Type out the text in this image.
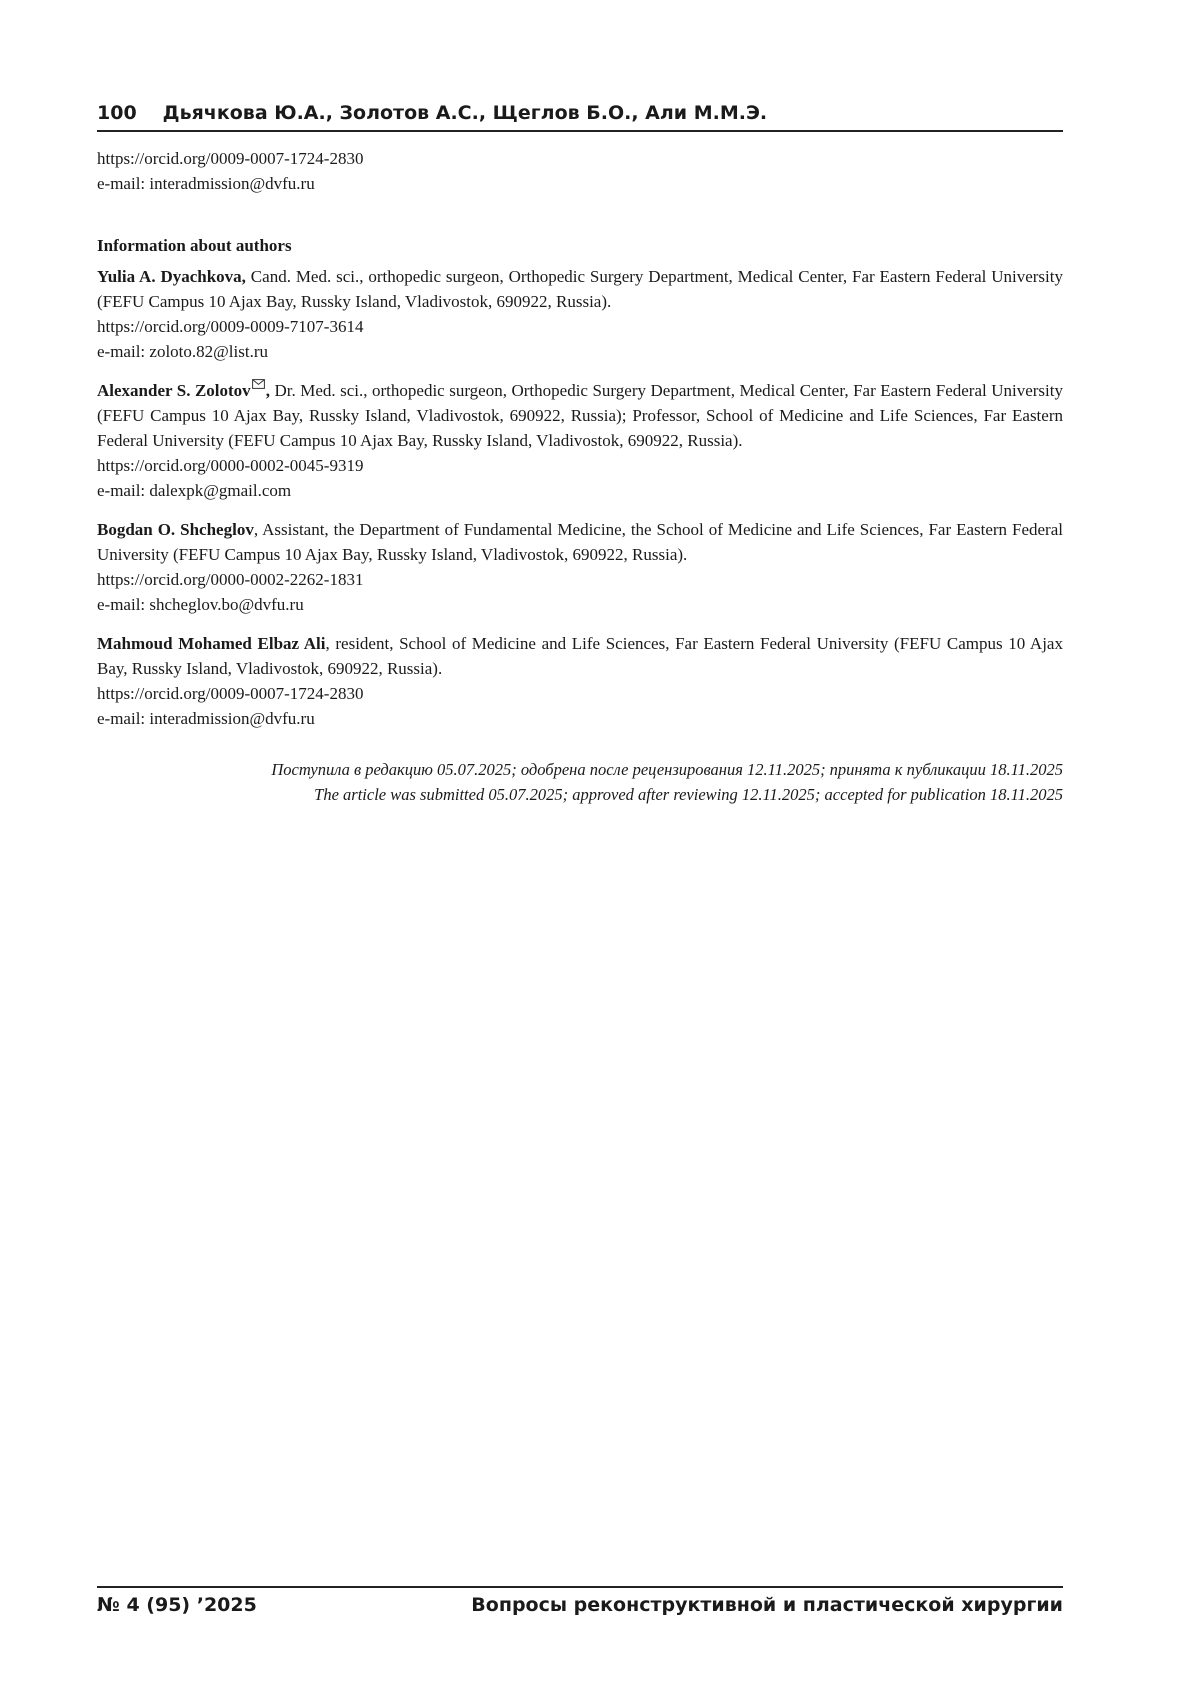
100 Дьячкова Ю.А., Золотов А.С., Щеглов Б.О., Али М.М.Э.
https://orcid.org/0009-0007-1724-2830
e-mail: interadmission@dvfu.ru
Information about authors
Yulia A. Dyachkova, Cand. Med. sci., orthopedic surgeon, Orthopedic Surgery Department, Medical Center, Far Eastern Federal University (FEFU Campus 10 Ajax Bay, Russky Island, Vladivostok, 690922, Russia).
https://orcid.org/0009-0009-7107-3614
e-mail: zoloto.82@list.ru
Alexander S. Zolotov , Dr. Med. sci., orthopedic surgeon, Orthopedic Surgery Department, Medical Center, Far Eastern Federal University (FEFU Campus 10 Ajax Bay, Russky Island, Vladivostok, 690922, Russia); Professor, School of Medicine and Life Sciences, Far Eastern Federal University (FEFU Campus 10 Ajax Bay, Russky Island, Vladivostok, 690922, Russia).
https://orcid.org/0000-0002-0045-9319
e-mail: dalexpk@gmail.com
Bogdan O. Shcheglov, Assistant, the Department of Fundamental Medicine, the School of Medicine and Life Sciences, Far Eastern Federal University (FEFU Campus 10 Ajax Bay, Russky Island, Vladivostok, 690922, Russia).
https://orcid.org/0000-0002-2262-1831
e-mail: shcheglov.bo@dvfu.ru
Mahmoud Mohamed Elbaz Ali, resident, School of Medicine and Life Sciences, Far Eastern Federal University (FEFU Campus 10 Ajax Bay, Russky Island, Vladivostok, 690922, Russia).
https://orcid.org/0009-0007-1724-2830
e-mail: interadmission@dvfu.ru
Поступила в редакцию 05.07.2025; одобрена после рецензирования 12.11.2025; принята к публикации 18.11.2025
The article was submitted 05.07.2025; approved after reviewing 12.11.2025; accepted for publication 18.11.2025
№ 4 (95) ’2025	Вопросы реконструктивной и пластической хирургии
